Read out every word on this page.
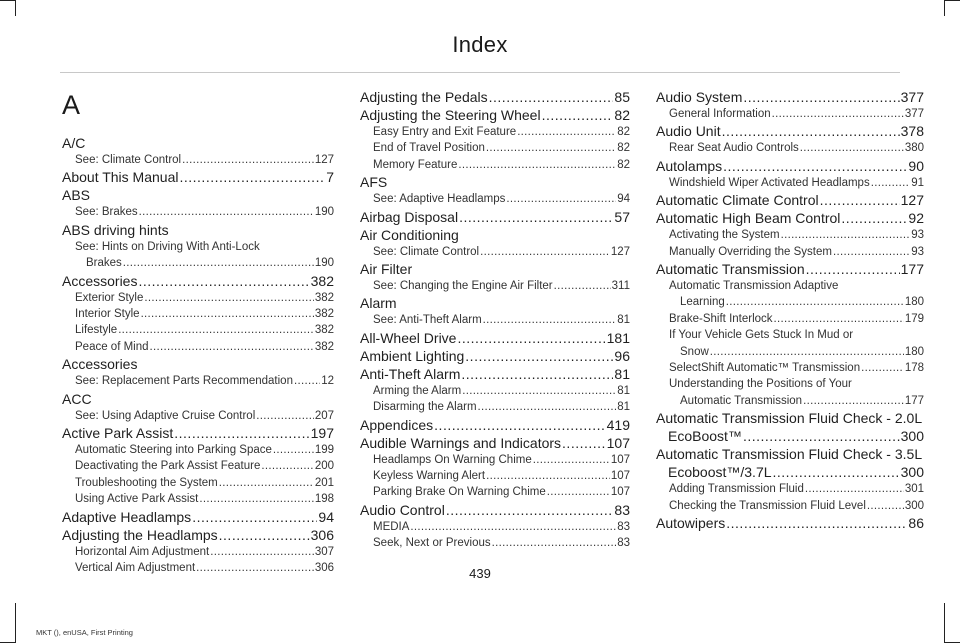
Index
A
A/C
See: Climate Control .....	127
About This Manual .....	7
ABS
See: Brakes .....	190
ABS driving hints
See: Hints on Driving With Anti-Lock
Brakes .....	190
Accessories .....	382
Exterior Style .....	382
Interior Style .....	382
Lifestyle .....	382
Peace of Mind .....	382
Accessories
See: Replacement Parts Recommendation ..... 12
ACC
See: Using Adaptive Cruise Control .....	207
Active Park Assist .....	197
Automatic Steering into Parking Space .....	199
Deactivating the Park Assist Feature .....	200
Troubleshooting the System .....	201
Using Active Park Assist .....	198
Adaptive Headlamps .....	94
Adjusting the Headlamps .....	306
Horizontal Aim Adjustment .....	307
Vertical Aim Adjustment .....	306
Adjusting the Pedals .....	85
Adjusting the Steering Wheel .....	82
Easy Entry and Exit Feature .....	82
End of Travel Position .....	82
Memory Feature .....	82
AFS
See: Adaptive Headlamps .....	94
Airbag Disposal .....	57
Air Conditioning
See: Climate Control .....	127
Air Filter
See: Changing the Engine Air Filter .....	311
Alarm
See: Anti-Theft Alarm .....	81
All-Wheel Drive .....	181
Ambient Lighting .....	96
Anti-Theft Alarm .....	81
Arming the Alarm .....	81
Disarming the Alarm .....	81
Appendices .....	419
Audible Warnings and Indicators .....	107
Headlamps On Warning Chime .....	107
Keyless Warning Alert .....	107
Parking Brake On Warning Chime .....	107
Audio Control .....	83
MEDIA .....	83
Seek, Next or Previous .....	83
Audio System .....	377
General Information .....	377
Audio Unit .....	378
Rear Seat Audio Controls .....	380
Autolamps .....	90
Windshield Wiper Activated Headlamps .....	91
Automatic Climate Control .....	127
Automatic High Beam Control .....	92
Activating the System .....	93
Manually Overriding the System .....	93
Automatic Transmission .....	177
Automatic Transmission Adaptive
Learning .....	180
Brake-Shift Interlock .....	179
If Your Vehicle Gets Stuck In Mud or
Snow .....	180
SelectShift Automatic™ Transmission .....	178
Understanding the Positions of Your
Automatic Transmission .....	177
Automatic Transmission Fluid Check - 2.0L
EcoBoost™ .....	300
Automatic Transmission Fluid Check - 3.5L
Ecoboost™/3.7L .....	300
Adding Transmission Fluid .....	301
Checking the Transmission Fluid Level .....	300
Autowipers .....	86
439
MKT (), enUSA, First Printing
